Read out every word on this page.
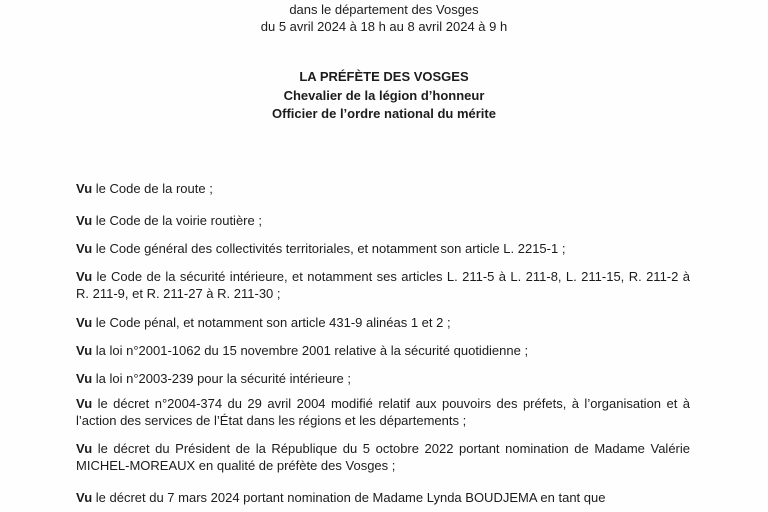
dans le département des Vosges
du 5 avril 2024 à 18 h au 8 avril 2024 à 9 h
LA PRÉFÈTE DES VOSGES
Chevalier de la légion d’honneur
Officier de l’ordre national du mérite
Vu le Code de la route ;
Vu le Code de la voirie routière ;
Vu le Code général des collectivités territoriales, et notamment son article L. 2215-1 ;
Vu le Code de la sécurité intérieure, et notamment ses articles L. 211-5 à L. 211-8, L. 211-15, R. 211-2 à R. 211-9, et R. 211-27 à R. 211-30 ;
Vu le Code pénal, et notamment son article 431-9 alinéas 1 et 2 ;
Vu la loi n°2001-1062 du 15 novembre 2001 relative à la sécurité quotidienne ;
Vu la loi n°2003-239 pour la sécurité intérieure ;
Vu le décret n°2004-374 du 29 avril 2004 modifié relatif aux pouvoirs des préfets, à l’organisation et à l’action des services de l’État dans les régions et les départements ;
Vu le décret du Président de la République du 5 octobre 2022 portant nomination de Madame Valérie MICHEL-MOREAUX en qualité de préfète des Vosges ;
Vu le décret du 7 mars 2024 portant nomination de Madame Lynda BOUDJEMA en tant que
